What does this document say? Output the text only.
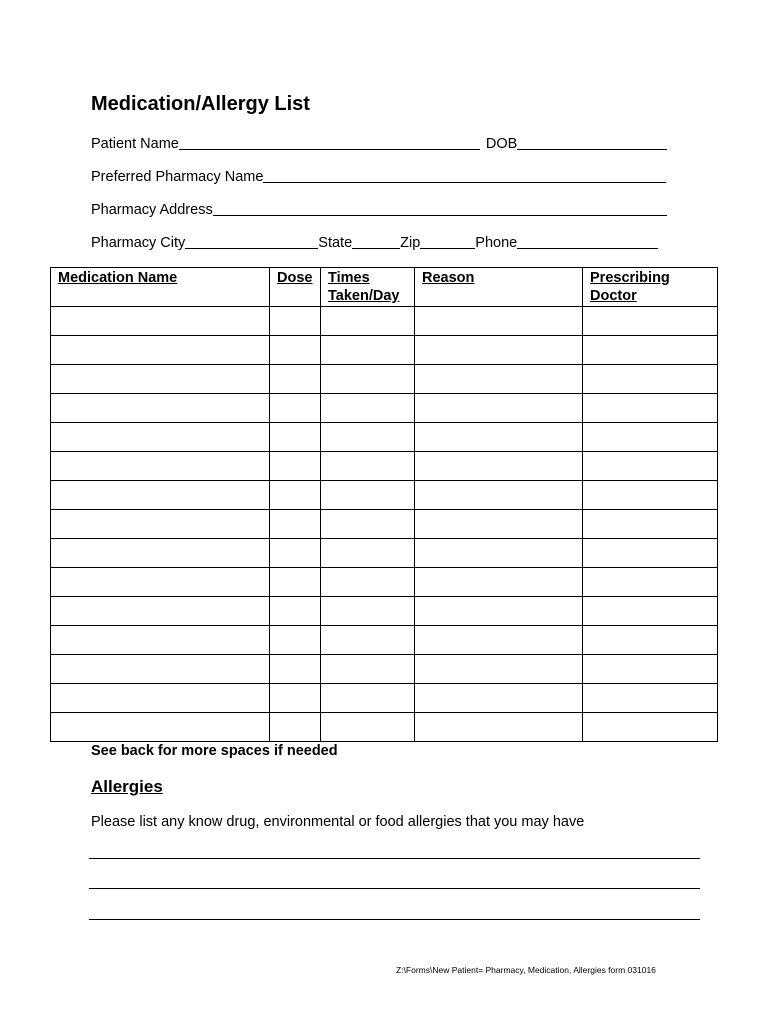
Medication/Allergy List
Patient Name	DOB
Preferred Pharmacy Name
Pharmacy Address
Pharmacy City	State	Zip	Phone
Medication Name	Dose	Times Taken/Day	Reason	Prescribing Doctor

See back for more spaces if needed
Allergies
Please list any know drug, environmental or food allergies that you may have
Z:\Forms\New Patient= Pharmacy, Medication, Allergies form 031016
